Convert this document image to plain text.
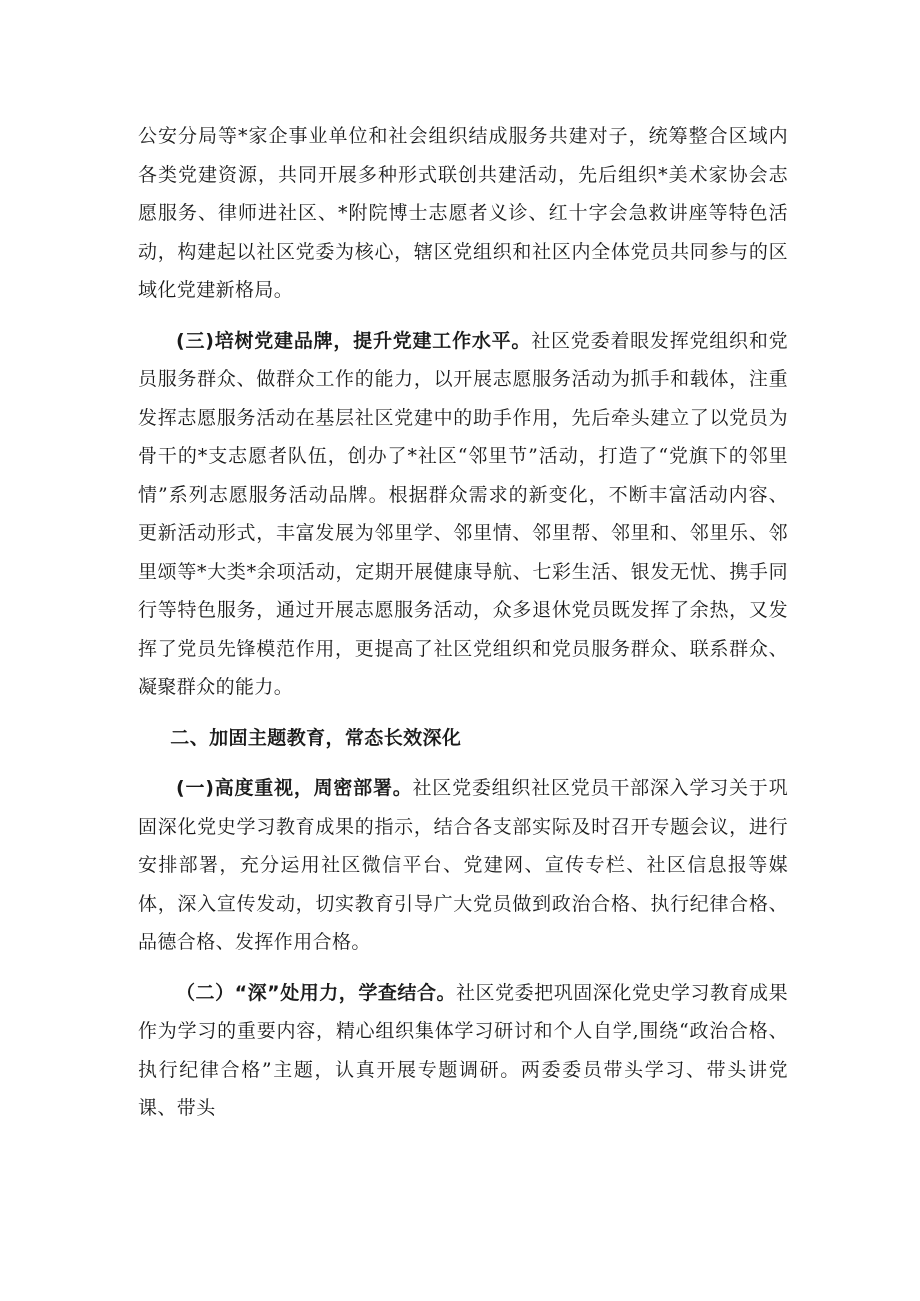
公安分局等*家企事业单位和社会组织结成服务共建对子，统筹整合区域内各类党建资源，共同开展多种形式联创共建活动，先后组织*美术家协会志愿服务、律师进社区、*附院博士志愿者义诊、红十字会急救讲座等特色活动，构建起以社区党委为核心，辖区党组织和社区内全体党员共同参与的区域化党建新格局。

(三)培树党建品牌，提升党建工作水平。社区党委着眼发挥党组织和党员服务群众、做群众工作的能力，以开展志愿服务活动为抓手和载体，注重发挥志愿服务活动在基层社区党建中的助手作用，先后牵头建立了以党员为骨干的*支志愿者队伍，创办了*社区“邻里节”活动，打造了“党旗下的邻里情”系列志愿服务活动品牌。根据群众需求的新变化，不断丰富活动内容、更新活动形式，丰富发展为邻里学、邻里情、邻里帮、邻里和、邻里乐、邻里颂等*大类*余项活动，定期开展健康导航、七彩生活、银发无忧、携手同行等特色服务，通过开展志愿服务活动，众多退休党员既发挥了余热，又发挥了党员先锋模范作用，更提高了社区党组织和党员服务群众、联系群众、凝聚群众的能力。

二、加固主题教育，常态长效深化

(一)高度重视，周密部署。社区党委组织社区党员干部深入学习关于巩固深化党史学习教育成果的指示，结合各支部实际及时召开专题会议，进行安排部署，充分运用社区微信平台、党建网、宣传专栏、社区信息报等媒体，深入宣传发动，切实教育引导广大党员做到政治合格、执行纪律合格、品德合格、发挥作用合格。

（二）“深”处用力，学查结合。社区党委把巩固深化党史学习教育成果作为学习的重要内容，精心组织集体学习研讨和个人自学,围绕“政治合格、执行纪律合格”主题，认真开展专题调研。两委委员带头学习、带头讲党课、带头
